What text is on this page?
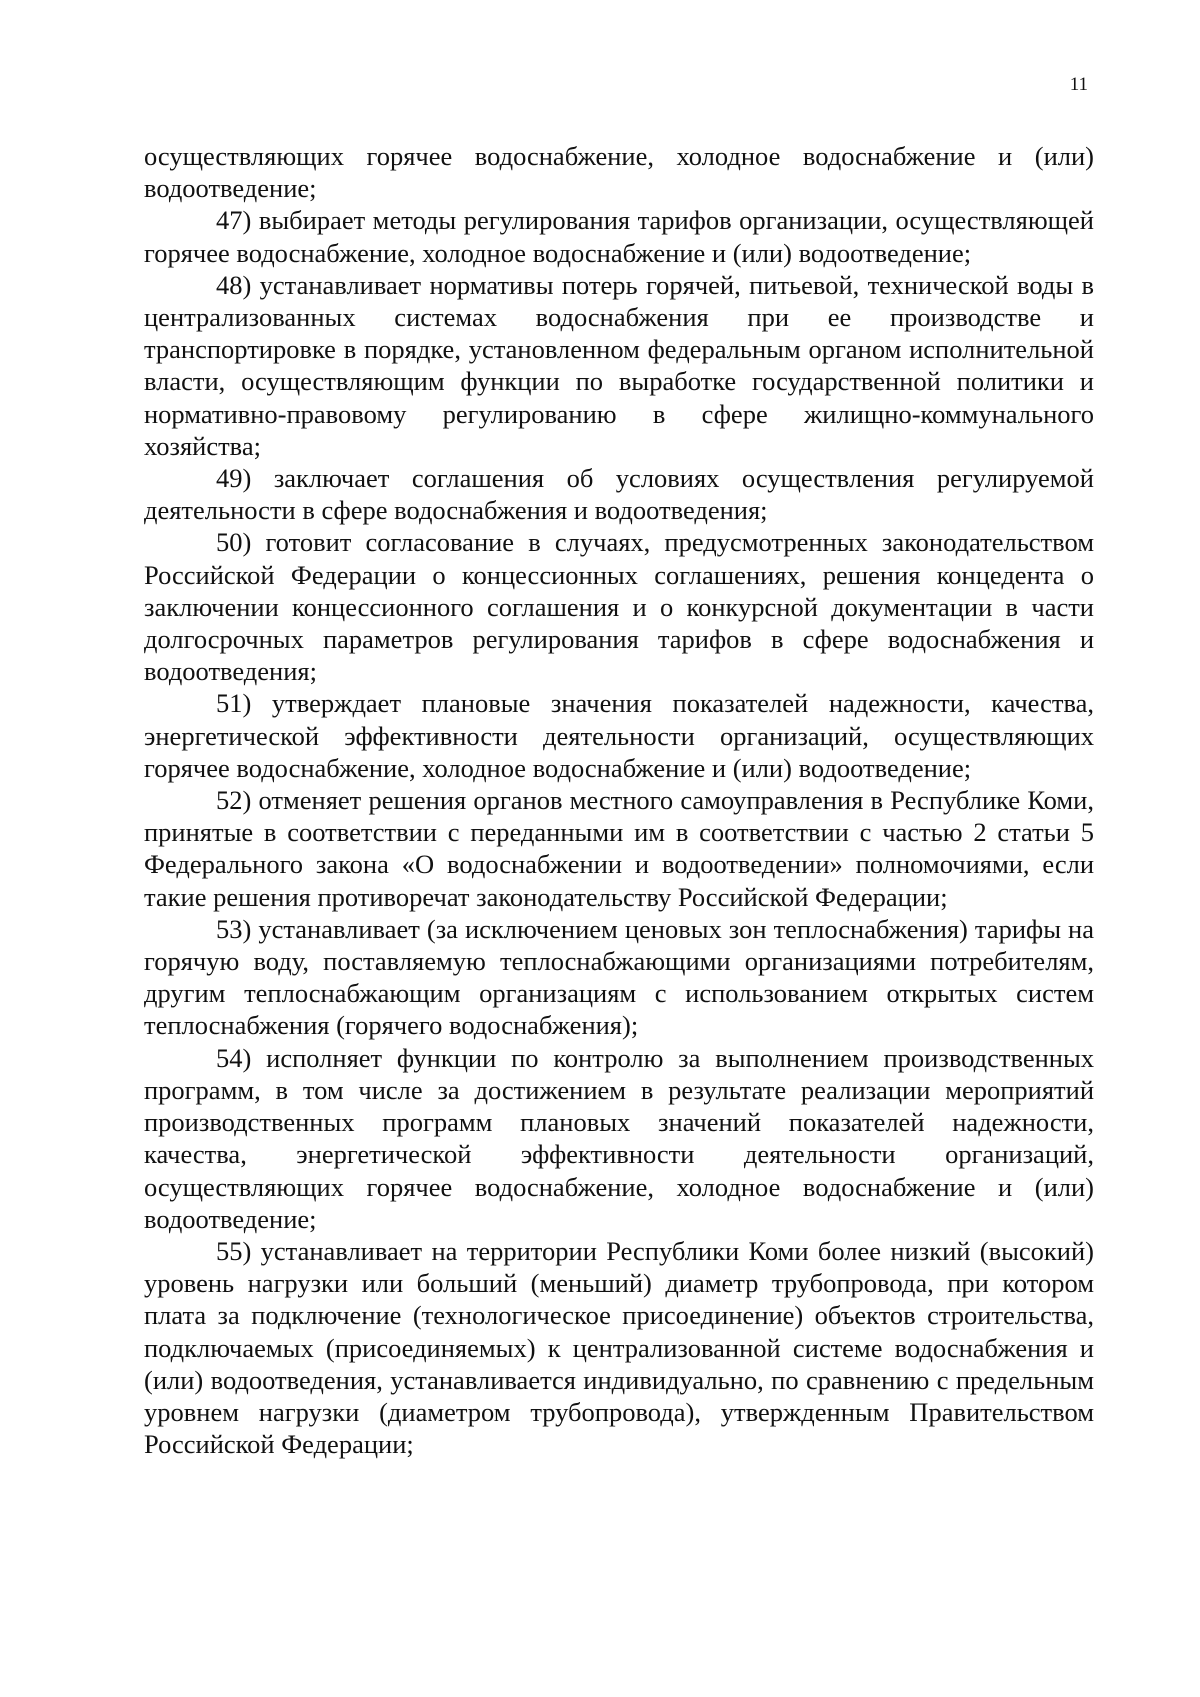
11

осуществляющих горячее водоснабжение, холодное водоснабжение и (или) водоотведение;

47) выбирает методы регулирования тарифов организации, осуществляющей горячее водоснабжение, холодное водоснабжение и (или) водоотведение;

48) устанавливает нормативы потерь горячей, питьевой, технической воды в централизованных системах водоснабжения при ее производстве и транспортировке в порядке, установленном федеральным органом исполнительной власти, осуществляющим функции по выработке государственной политики и нормативно-правовому регулированию в сфере жилищно-коммунального хозяйства;

49) заключает соглашения об условиях осуществления регулируемой деятельности в сфере водоснабжения и водоотведения;

50) готовит согласование в случаях, предусмотренных законодательством Российской Федерации о концессионных соглашениях, решения концедента о заключении концессионного соглашения и о конкурсной документации в части долгосрочных параметров регулирования тарифов в сфере водоснабжения и водоотведения;

51) утверждает плановые значения показателей надежности, качества, энергетической эффективности деятельности организаций, осуществляющих горячее водоснабжение, холодное водоснабжение и (или) водоотведение;

52) отменяет решения органов местного самоуправления в Республике Коми, принятые в соответствии с переданными им в соответствии с частью 2 статьи 5 Федерального закона «О водоснабжении и водоотведении» полномочиями, если такие решения противоречат законодательству Российской Федерации;

53) устанавливает (за исключением ценовых зон теплоснабжения) тарифы на горячую воду, поставляемую теплоснабжающими организациями потребителям, другим теплоснабжающим организациям с использованием открытых систем теплоснабжения (горячего водоснабжения);

54) исполняет функции по контролю за выполнением производственных программ, в том числе за достижением в результате реализации мероприятий производственных программ плановых значений показателей надежности, качества, энергетической эффективности деятельности организаций, осуществляющих горячее водоснабжение, холодное водоснабжение и (или) водоотведение;

55) устанавливает на территории Республики Коми более низкий (высокий) уровень нагрузки или больший (меньший) диаметр трубопровода, при котором плата за подключение (технологическое присоединение) объектов строительства, подключаемых (присоединяемых) к централизованной системе водоснабжения и (или) водоотведения, устанавливается индивидуально, по сравнению с предельным уровнем нагрузки (диаметром трубопровода), утвержденным Правительством Российской Федерации;
